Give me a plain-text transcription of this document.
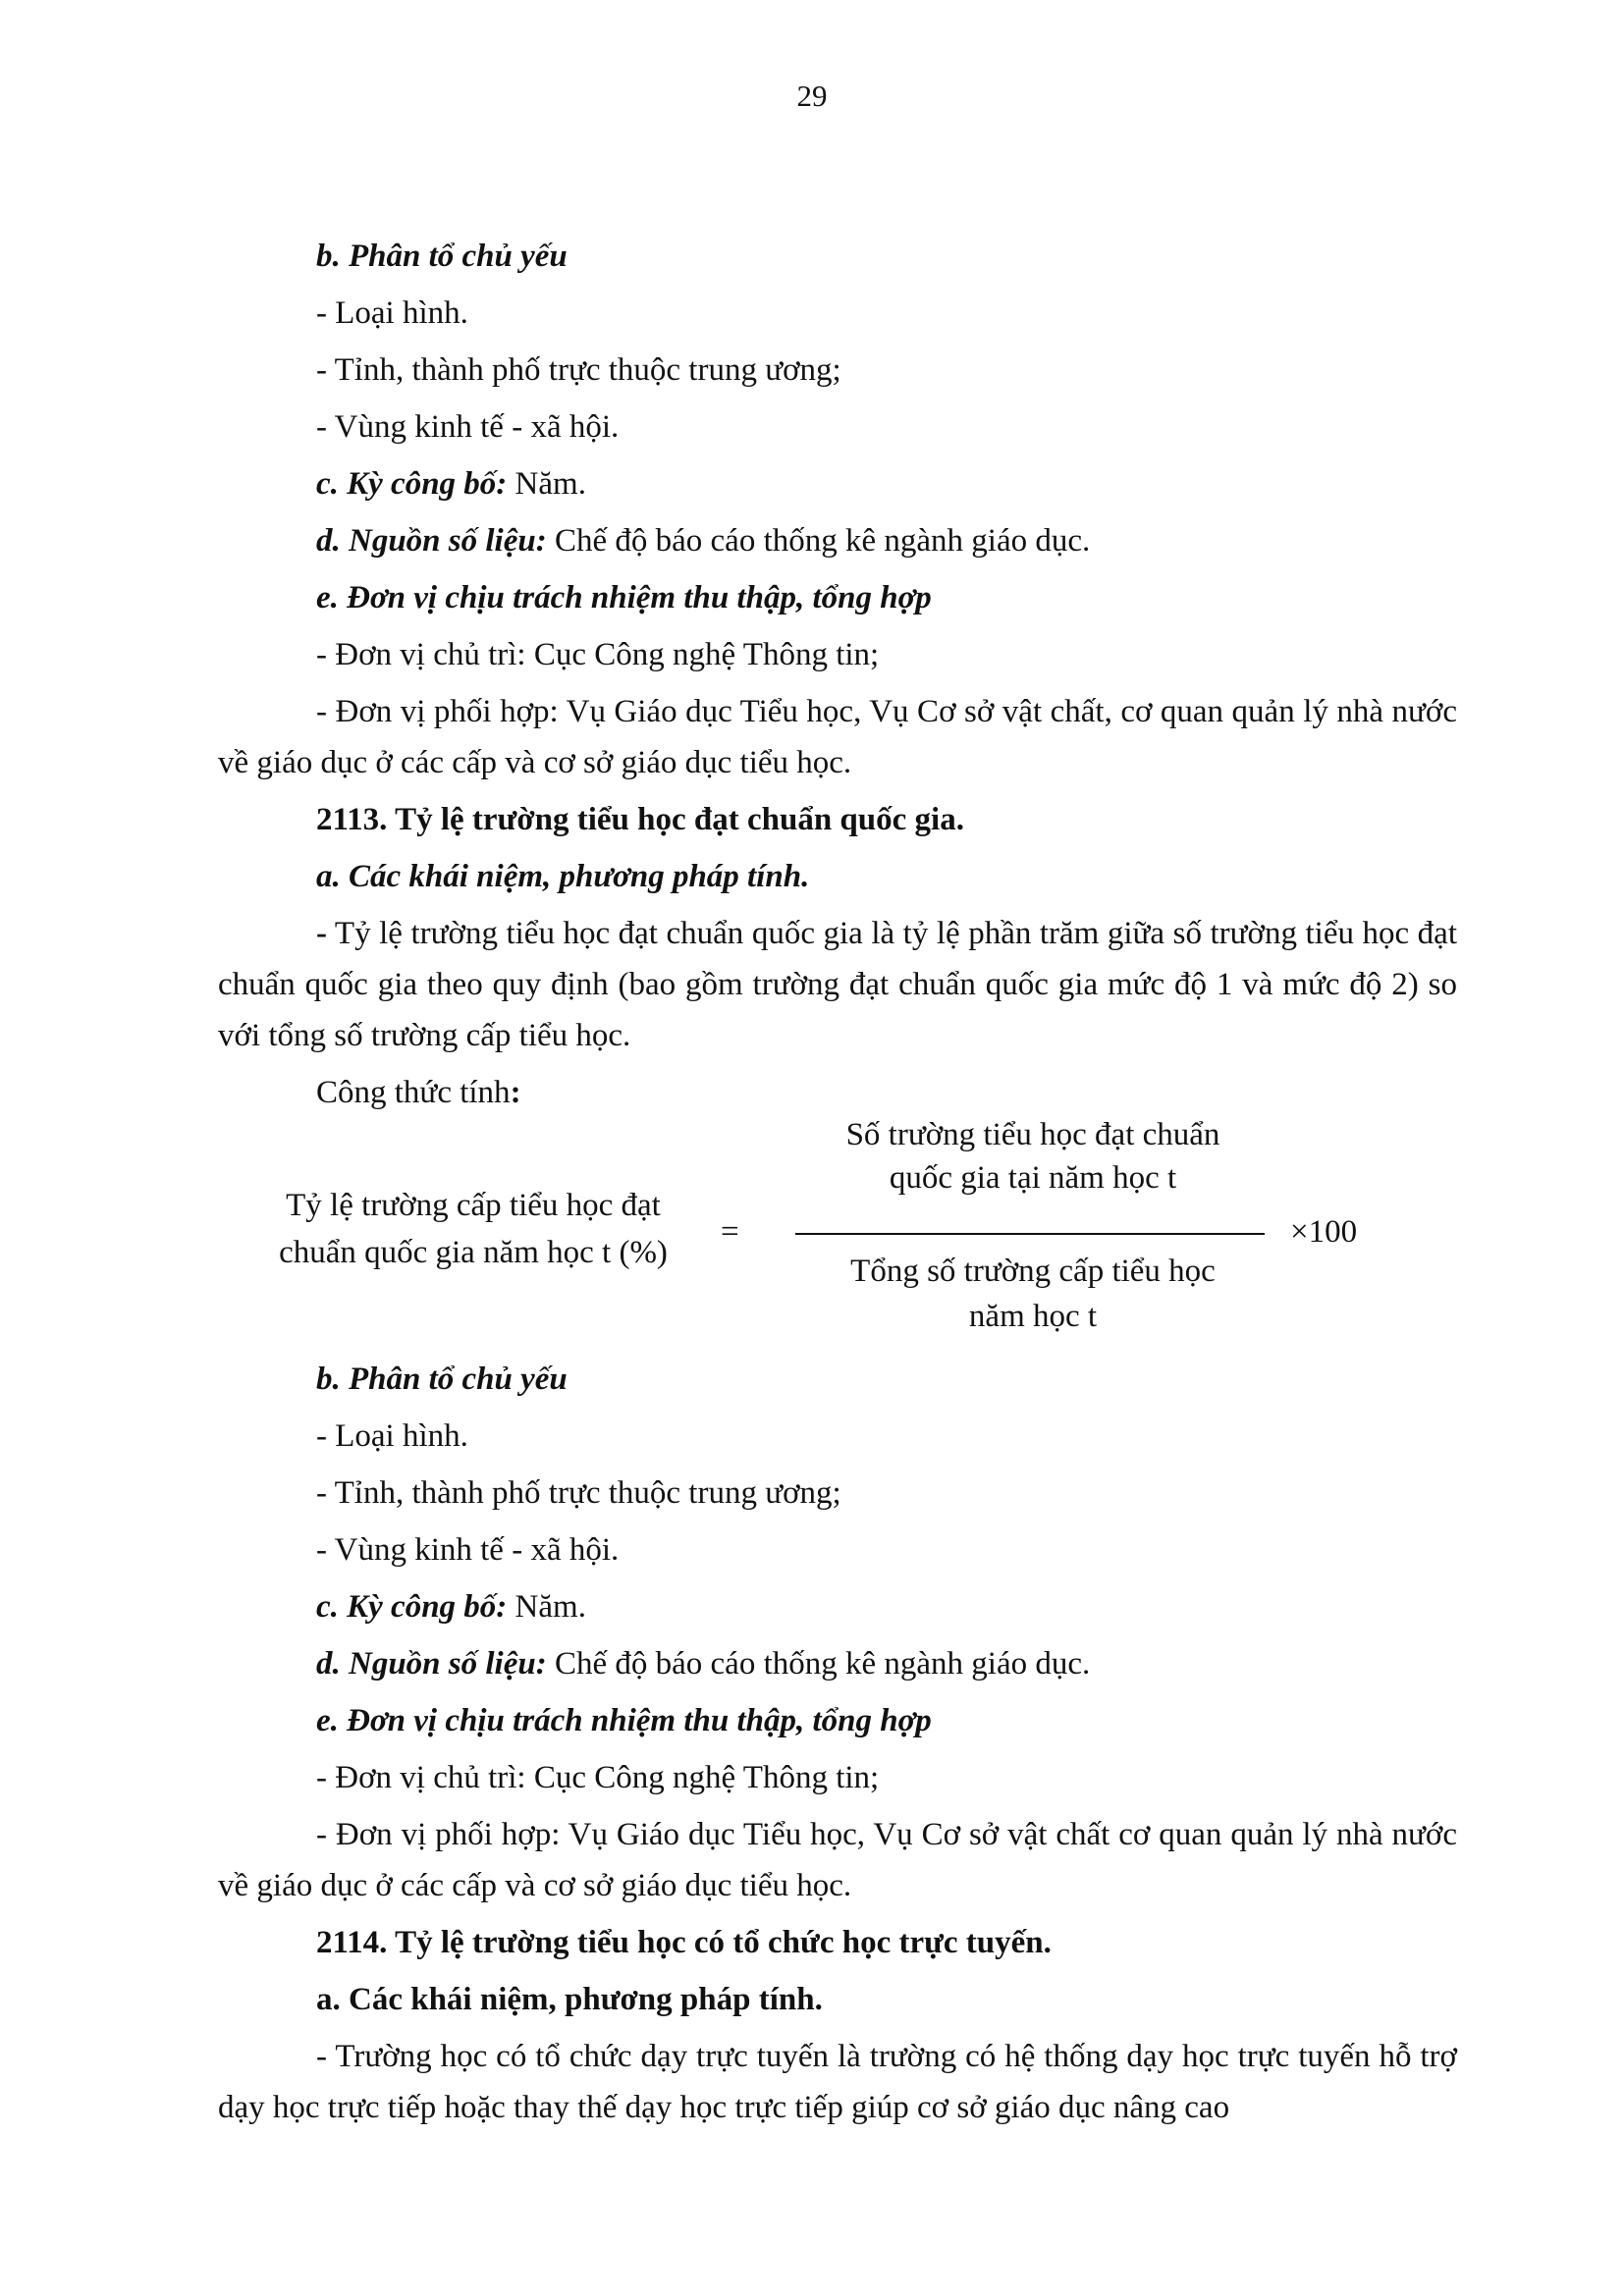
29

b. Phân tổ chủ yếu

- Loại hình.

- Tỉnh, thành phố trực thuộc trung ương;

- Vùng kinh tế - xã hội.

c. Kỳ công bố: Năm.

d. Nguồn số liệu: Chế độ báo cáo thống kê ngành giáo dục.

e. Đơn vị chịu trách nhiệm thu thập, tổng hợp

- Đơn vị chủ trì: Cục Công nghệ Thông tin;

- Đơn vị phối hợp: Vụ Giáo dục Tiểu học, Vụ Cơ sở vật chất, cơ quan quản lý nhà nước về giáo dục ở các cấp và cơ sở giáo dục tiểu học.

2113. Tỷ lệ trường tiểu học đạt chuẩn quốc gia.

a. Các khái niệm, phương pháp tính.

- Tỷ lệ trường tiểu học đạt chuẩn quốc gia là tỷ lệ phần trăm giữa số trường tiểu học đạt chuẩn quốc gia theo quy định (bao gồm trường đạt chuẩn quốc gia mức độ 1 và mức độ 2) so với tổng số trường cấp tiểu học.

Công thức tính:

Tỷ lệ trường cấp tiểu học đạt
chuẩn quốc gia năm học t (%)
=
Số trường tiểu học đạt chuẩn
quốc gia tại năm học t
Tổng số trường cấp tiểu học
năm học t
×100

b. Phân tổ chủ yếu

- Loại hình.

- Tỉnh, thành phố trực thuộc trung ương;

- Vùng kinh tế - xã hội.

c. Kỳ công bố: Năm.

d. Nguồn số liệu: Chế độ báo cáo thống kê ngành giáo dục.

e. Đơn vị chịu trách nhiệm thu thập, tổng hợp

- Đơn vị chủ trì: Cục Công nghệ Thông tin;

- Đơn vị phối hợp: Vụ Giáo dục Tiểu học, Vụ Cơ sở vật chất cơ quan quản lý nhà nước về giáo dục ở các cấp và cơ sở giáo dục tiểu học.

2114. Tỷ lệ trường tiểu học có tổ chức học trực tuyến.

a. Các khái niệm, phương pháp tính.

- Trường học có tổ chức dạy trực tuyến là trường có hệ thống dạy học trực tuyến hỗ trợ dạy học trực tiếp hoặc thay thế dạy học trực tiếp giúp cơ sở giáo dục nâng cao
